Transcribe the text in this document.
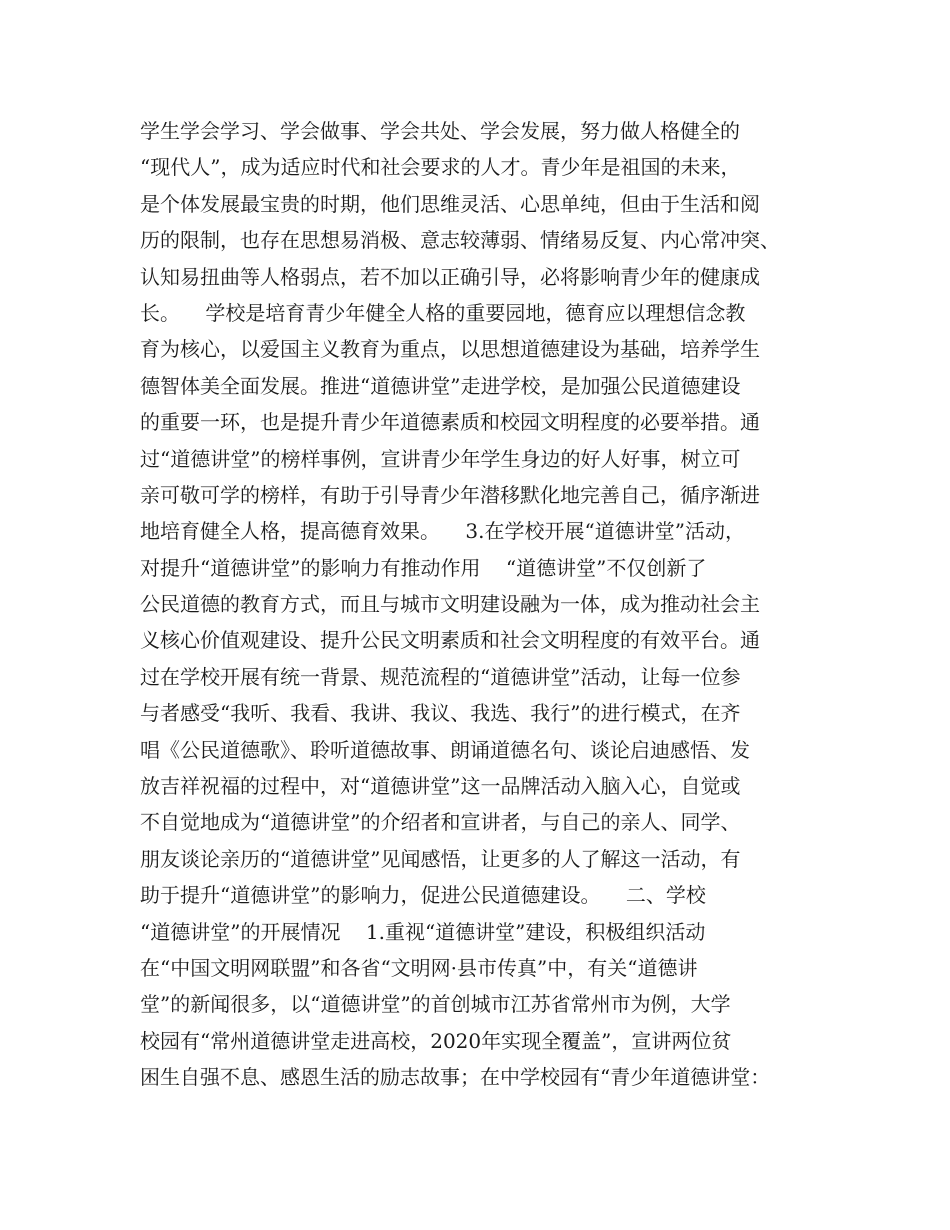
学生学会学习、学会做事、学会共处、学会发展，努力做人格健全的
“现代人”，成为适应时代和社会要求的人才。青少年是祖国的未来，
是个体发展最宝贵的时期，他们思维灵活、心思单纯，但由于生活和阅
历的限制，也存在思想易消极、意志较薄弱、情绪易反复、内心常冲突、
认知易扭曲等人格弱点，若不加以正确引导，必将影响青少年的健康成
长。    学校是培育青少年健全人格的重要园地，德育应以理想信念教
育为核心，以爱国主义教育为重点，以思想道德建设为基础，培养学生
德智体美全面发展。推进“道德讲堂”走进学校，是加强公民道德建设
的重要一环，也是提升青少年道德素质和校园文明程度的必要举措。通
过“道德讲堂”的榜样事例，宣讲青少年学生身边的好人好事，树立可
亲可敬可学的榜样，有助于引导青少年潜移默化地完善自己，循序渐进
地培育健全人格，提高德育效果。    3.在学校开展“道德讲堂”活动，
对提升“道德讲堂”的影响力有推动作用    “道德讲堂”不仅创新了
公民道德的教育方式，而且与城市文明建设融为一体，成为推动社会主
义核心价值观建设、提升公民文明素质和社会文明程度的有效平台。通
过在学校开展有统一背景、规范流程的“道德讲堂”活动，让每一位参
与者感受“我听、我看、我讲、我议、我选、我行”的进行模式，在齐
唱《公民道德歌》、聆听道德故事、朗诵道德名句、谈论启迪感悟、发
放吉祥祝福的过程中，对“道德讲堂”这一品牌活动入脑入心，自觉或
不自觉地成为“道德讲堂”的介绍者和宣讲者，与自己的亲人、同学、
朋友谈论亲历的“道德讲堂”见闻感悟，让更多的人了解这一活动，有
助于提升“道德讲堂”的影响力，促进公民道德建设。    二、学校
“道德讲堂”的开展情况    1.重视“道德讲堂”建设，积极组织活动
在“中国文明网联盟”和各省“文明网·县市传真”中，有关“道德讲
堂”的新闻很多，以“道德讲堂”的首创城市江苏省常州市为例，大学
校园有“常州道德讲堂走进高校，2020年实现全覆盖”，宣讲两位贫
困生自强不息、感恩生活的励志故事；在中学校园有“青少年道德讲堂：
